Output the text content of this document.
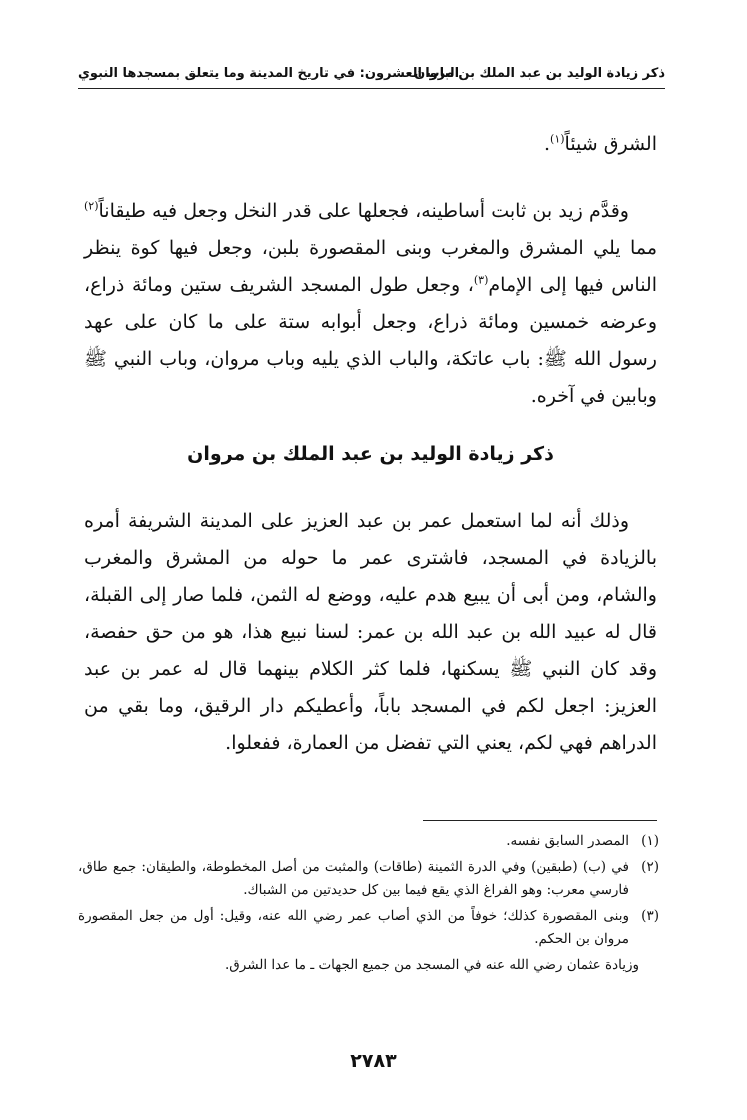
ذكر زيادة الوليد بن عبد الملك بن مروان
الباب العشرون: في تاريخ المدينة وما يتعلق بمسجدها النبوي
الشرق شيئاً$^{(١)}$.
وقدَّم زيد بن ثابت أساطينه، فجعلها على قدر النخل وجعل فيه طيقاناً$^{(٢)}$ مما يلي المشرق والمغرب وبنى المقصورة بلبن، وجعل فيها كوة ينظر الناس فيها إلى الإمام$^{(٣)}$، وجعل طول المسجد الشريف ستين ومائة ذراع، وعرضه خمسين ومائة ذراع، وجعل أبوابه ستة على ما كان على عهد رسول الله ﷺ: باب عاتكة، والباب الذي يليه وباب مروان، وباب النبي ﷺ وبابين في آخره.
ذكر زيادة الوليد بن عبد الملك بن مروان
وذلك أنه لما استعمل عمر بن عبد العزيز على المدينة الشريفة أمره بالزيادة في المسجد، فاشترى عمر ما حوله من المشرق والمغرب والشام، ومن أبى أن يبيع هدم عليه، ووضع له الثمن، فلما صار إلى القبلة، قال له عبيد الله بن عبد الله بن عمر: لسنا نبيع هذا، هو من حق حفصة، وقد كان النبي ﷺ يسكنها، فلما كثر الكلام بينهما قال له عمر بن عبد العزيز: اجعل لكم في المسجد باباً، وأعطيكم دار الرقيق، وما بقي من الدراهم فهي لكم، يعني التي تفضل من العمارة، ففعلوا.
(١)
المصدر السابق نفسه.
(٢)
في (ب) (طبقين) وفي الدرة الثمينة (طاقات) والمثبت من أصل المخطوطة، والطيقان: جمع طاق، فارسي معرب: وهو الفراغ الذي يقع فيما بين كل حديدتين من الشباك.
(٣)
وبنى المقصورة كذلك؛ خوفاً من الذي أصاب عمر رضي الله عنه، وقيل: أول من جعل المقصورة مروان بن الحكم.
وزيادة عثمان رضي الله عنه في المسجد من جميع الجهات ـ ما عدا الشرق.
٢٧٨٣
